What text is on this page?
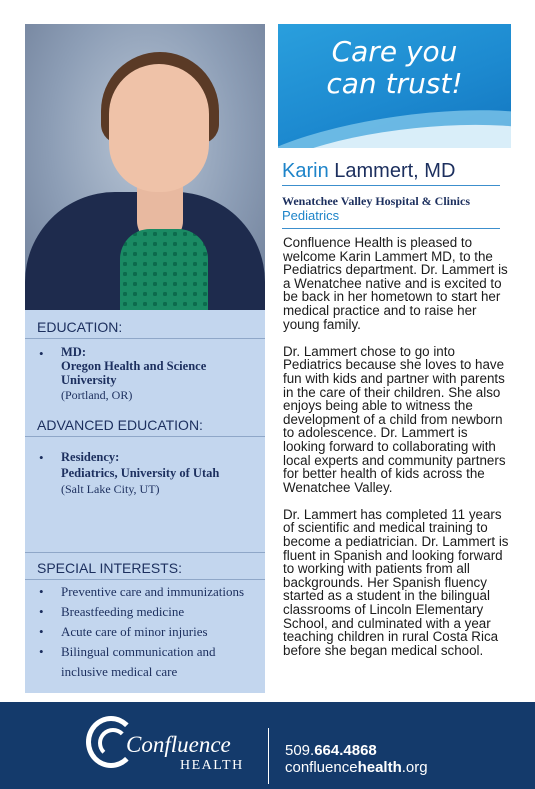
EDUCATION:
• MD:
Oregon Health and Science University
(Portland, OR)
ADVANCED EDUCATION:
• Residency:
Pediatrics, University of Utah
(Salt Lake City, UT)
SPECIAL INTERESTS:
• Preventive care and immunizations
• Breastfeeding medicine
• Acute care of minor injuries
• Bilingual communication and inclusive medical care
Care you
can trust!
Karin Lammert, MD
Wenatchee Valley Hospital & Clinics
Pediatrics

Confluence Health is pleased to welcome Karin Lammert MD, to the Pediatrics department. Dr. Lammert is a Wenatchee native and is excited to be back in her hometown to start her medical practice and to raise her young family.

Dr. Lammert chose to go into Pediatrics because she loves to have fun with kids and partner with parents in the care of their children. She also enjoys being able to witness the development of a child from newborn to adolescence. Dr. Lammert is looking forward to collaborating with local experts and community partners for better health of kids across the Wenatchee Valley.

Dr. Lammert has completed 11 years of scientific and medical training to become a pediatrician. Dr. Lammert is fluent in Spanish and looking forward to working with patients from all backgrounds. Her Spanish fluency started as a student in the bilingual classrooms of Lincoln Elementary School, and culminated with a year teaching children in rural Costa Rica before she began medical school.

Confluence
HEALTH
509.664.4868
confluencehealth.org
